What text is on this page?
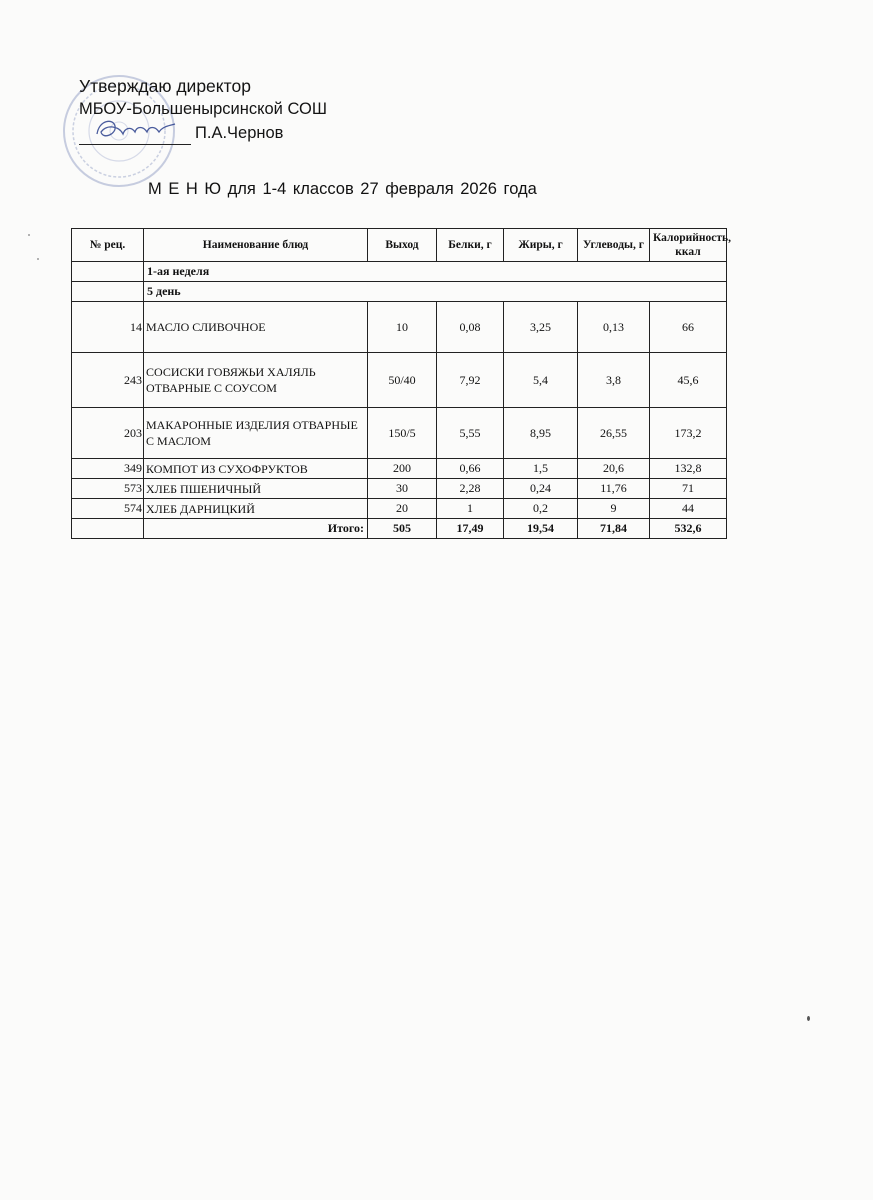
Утверждаю директор
МБОУ-Большенырсинской СОШ
П.А.Чернов
М Е Н Ю для 1-4 классов 27 февраля 2026 года
№ рец.	Наименование блюд	Выход	Белки, г	Жиры, г	Углеводы, г	Калорийность, ккал
	1-ая неделя					
	5 день					
14	МАСЛО СЛИВОЧНОЕ	10	0,08	3,25	0,13	66
243	СОСИСКИ ГОВЯЖЬИ ХАЛЯЛЬ ОТВАРНЫЕ С СОУСОМ	50/40	7,92	5,4	3,8	45,6
203	МАКАРОННЫЕ ИЗДЕЛИЯ ОТВАРНЫЕ С МАСЛОМ	150/5	5,55	8,95	26,55	173,2
349	КОМПОТ ИЗ СУХОФРУКТОВ	200	0,66	1,5	20,6	132,8
573	ХЛЕБ ПШЕНИЧНЫЙ	30	2,28	0,24	11,76	71
574	ХЛЕБ ДАРНИЦКИЙ	20	1	0,2	9	44
	Итого:	505	17,49	19,54	71,84	532,6
